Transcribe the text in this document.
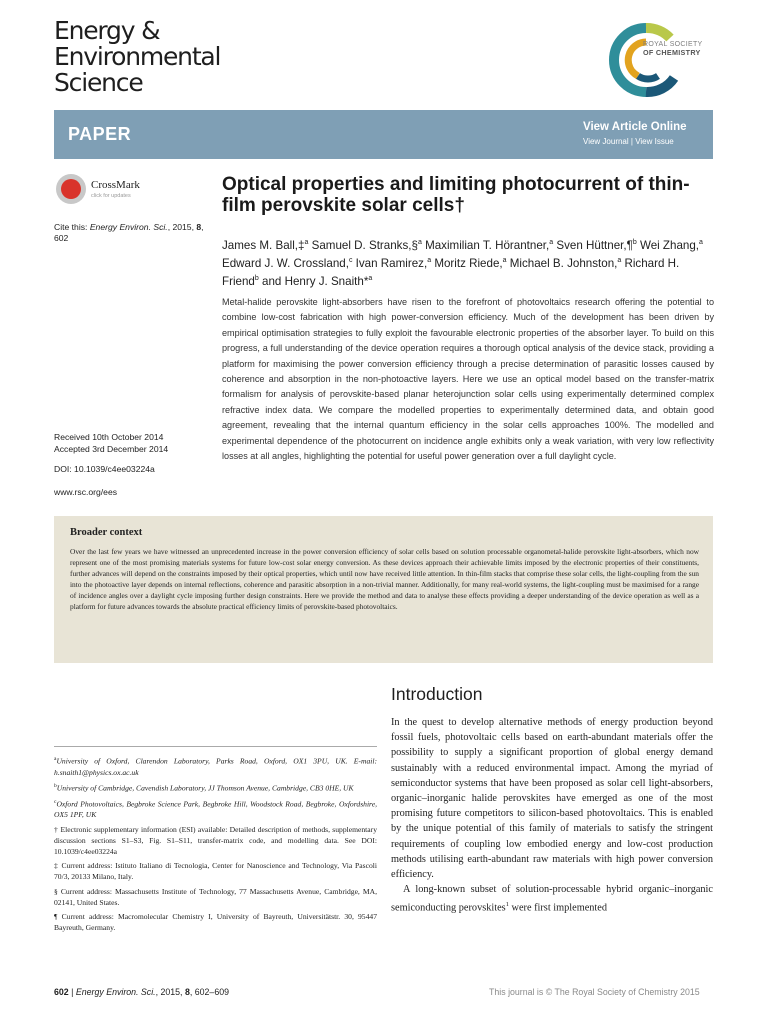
Energy &
Environmental
Science
ROYAL SOCIETY
OF CHEMISTRY
PAPER	View Article Online
View Journal | View Issue
CrossMark
click for updates
Cite this: Energy Environ. Sci., 2015, 8, 602
Received 10th October 2014
Accepted 3rd December 2014
DOI: 10.1039/c4ee03224a
www.rsc.org/ees
Optical properties and limiting photocurrent of thin-film perovskite solar cells†
James M. Ball,‡$^a$ Samuel D. Stranks,§$^a$ Maximilian T. Hörantner,$^a$ Sven Hüttner,¶$^b$ Wei Zhang,$^a$ Edward J. W. Crossland,$^c$ Ivan Ramirez,$^a$ Moritz Riede,$^a$ Michael B. Johnston,$^a$ Richard H. Friend$^b$ and Henry J. Snaith*$^a$
Metal-halide perovskite light-absorbers have risen to the forefront of photovoltaics research offering the potential to combine low-cost fabrication with high power-conversion efficiency. Much of the development has been driven by empirical optimisation strategies to fully exploit the favourable electronic properties of the absorber layer. To build on this progress, a full understanding of the device operation requires a thorough optical analysis of the device stack, providing a platform for maximising the power conversion efficiency through a precise determination of parasitic losses caused by coherence and absorption in the non-photoactive layers. Here we use an optical model based on the transfer-matrix formalism for analysis of perovskite-based planar heterojunction solar cells using experimentally determined complex refractive index data. We compare the modelled properties to experimentally determined data, and obtain good agreement, revealing that the internal quantum efficiency in the solar cells approaches 100%. The modelled and experimental dependence of the photocurrent on incidence angle exhibits only a weak variation, with very low reflectivity losses at all angles, highlighting the potential for useful power generation over a full daylight cycle.
Broader context
Over the last few years we have witnessed an unprecedented increase in the power conversion efficiency of solar cells based on solution processable organometal-halide perovskite light-absorbers, which now represent one of the most promising materials systems for future low-cost solar energy conversion. As these devices approach their achievable limits imposed by the electronic properties of their constituents, further advances will depend on the constraints imposed by their optical properties, which until now have received little attention. In thin-film stacks that comprise these solar cells, the light-coupling from the sun into the photoactive layer depends on internal reflections, coherence and parasitic absorption in a non-trivial manner. Additionally, for many real-world systems, the light-coupling must be maximised for a range of incidence angles over a daylight cycle imposing further design constraints. Here we provide the method and data to analyse these effects providing a deeper understanding of the device operation as well as a platform for future advances towards the absolute practical efficiency limits of perovskite-based photovoltaics.

$^a$University of Oxford, Clarendon Laboratory, Parks Road, Oxford, OX1 3PU, UK. E-mail: h.snaith1@physics.ox.ac.uk

$^b$University of Cambridge, Cavendish Laboratory, JJ Thomson Avenue, Cambridge, CB3 0HE, UK

$^c$Oxford Photovoltaics, Begbroke Science Park, Begbroke Hill, Woodstock Road, Begbroke, Oxfordshire, OX5 1PF, UK

† Electronic supplementary information (ESI) available: Detailed description of methods, supplementary discussion sections S1–S3, Fig. S1–S11, transfer-matrix code, and modelling data. See DOI: 10.1039/c4ee03224a

‡ Current address: Istituto Italiano di Tecnologia, Center for Nanoscience and Technology, Via Pascoli 70/3, 20133 Milano, Italy.

§ Current address: Massachusetts Institute of Technology, 77 Massachusetts Avenue, Cambridge, MA, 02141, United States.

¶ Current address: Macromolecular Chemistry I, University of Bayreuth, Universitätstr. 30, 95447 Bayreuth, Germany.

Introduction

In the quest to develop alternative methods of energy production beyond fossil fuels, photovoltaic cells based on earth-abundant materials offer the possibility to supply a significant proportion of global energy demand sustainably with a reduced environmental impact. Among the myriad of semiconductor systems that have been proposed as solar cell light-absorbers, organic–inorganic halide perovskites have emerged as one of the most promising future competitors to silicon-based photovoltaics. This is enabled by the unique potential of this family of materials to satisfy the stringent requirements of coupling low embodied energy and low-cost production methods utilising earth-abundant raw materials with high power conversion efficiency.

A long-known subset of solution-processable hybrid organic–inorganic semiconducting perovskites$^1$ were first implemented

602 | Energy Environ. Sci., 2015, 8, 602–609	This journal is © The Royal Society of Chemistry 2015
